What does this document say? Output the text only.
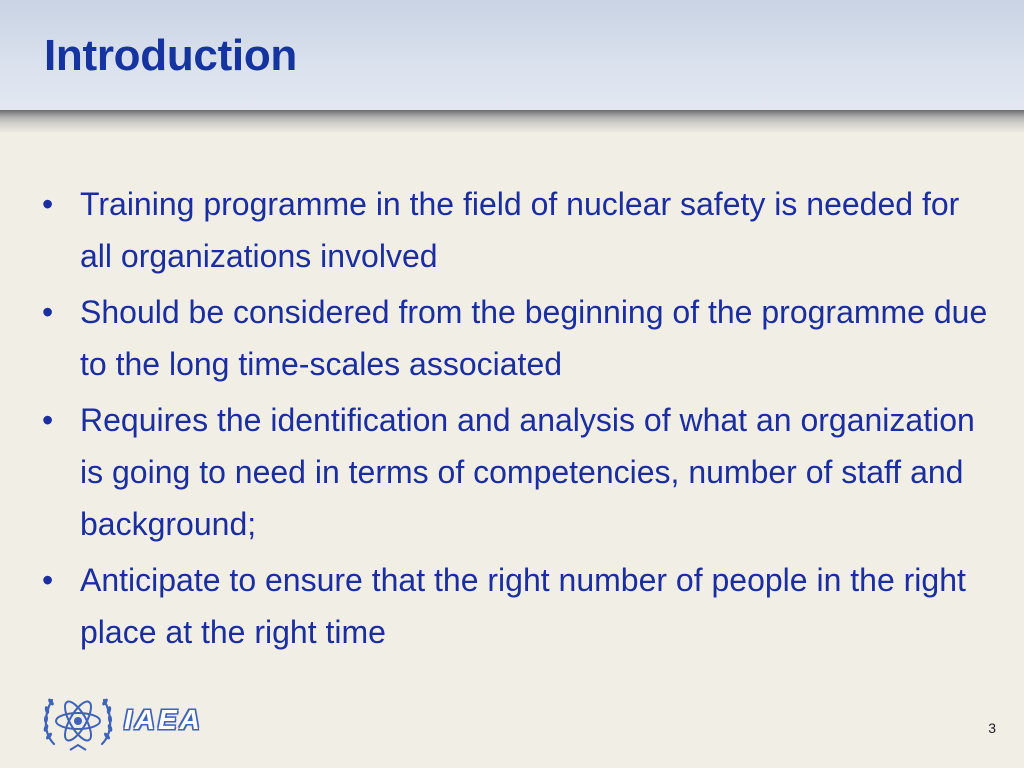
Introduction
• Training programme in the field of nuclear safety is needed for all organizations involved
• Should be considered from the beginning of the programme due to the long time-scales associated
• Requires the identification and analysis of what an organization is going to need in terms of competencies, number of staff and background;
• Anticipate to ensure that the right number of people in the right place at the right time
IAEA	3
